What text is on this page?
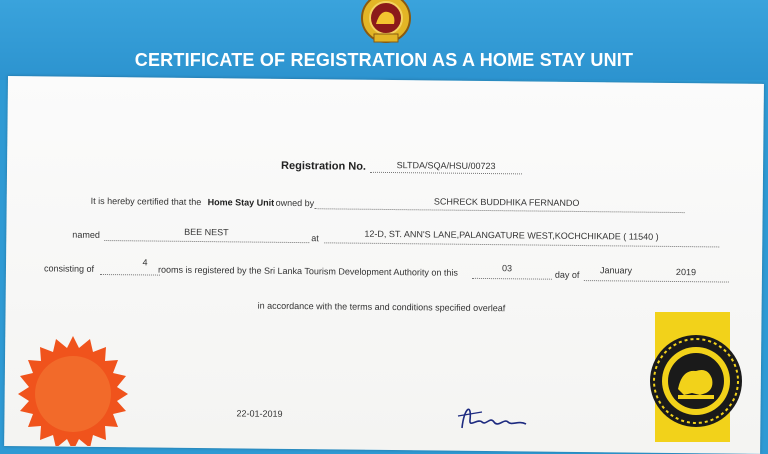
CERTIFICATE OF REGISTRATION AS A HOME STAY UNIT
Registration No.	SLTDA/SQA/HSU/00723
It is hereby certified that the Home Stay Unit owned by	SCHRECK BUDDHIKA FERNANDO
named	BEE NEST
at	12-D, ST. ANN'S LANE,PALANGATURE WEST,KOCHCHIKADE ( 11540 )
consisting of
4
rooms is registered by the Sri Lanka Tourism Development Authority on this	03
day of	January	2019
in accordance with the terms and conditions specified overleaf
22-01-2019
